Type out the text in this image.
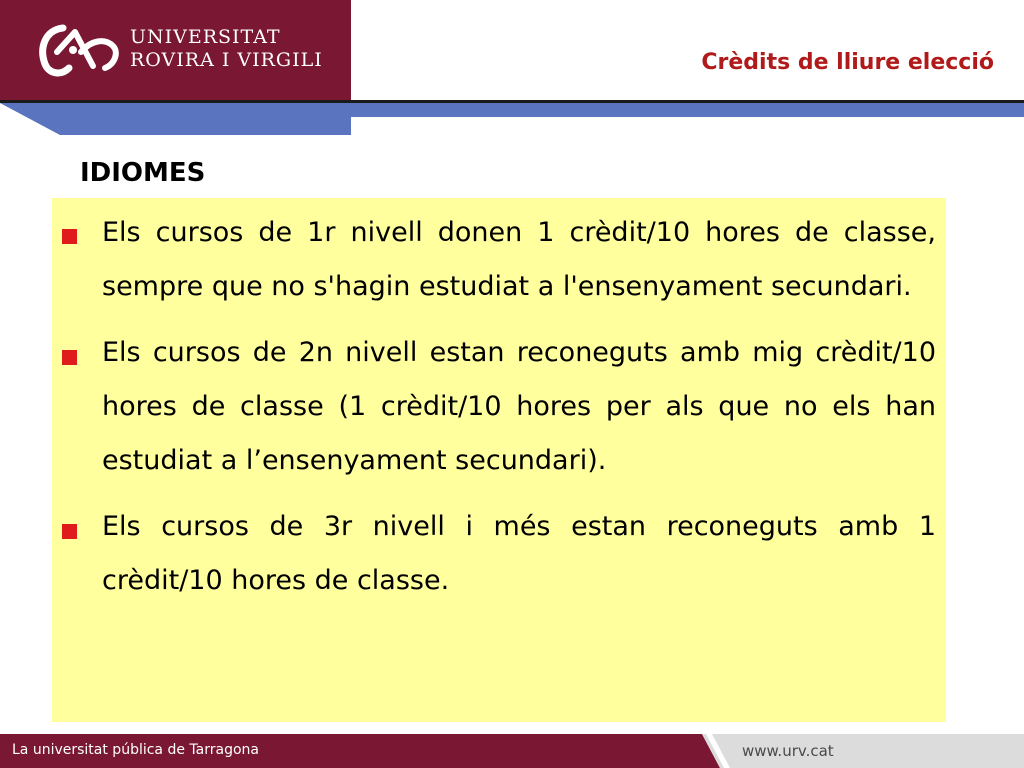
UNIVERSITAT
ROVIRA I VIRGILI	Crèdits de lliure elecció
IDIOMES
Els cursos de 1r nivell donen 1 crèdit/10 hores de classe, sempre que no s'hagin estudiat a l'ensenyament secundari.
Els cursos de 2n nivell estan reconeguts amb mig crèdit/10 hores de classe (1 crèdit/10 hores per als que no els han estudiat a l’ensenyament secundari).
Els cursos de 3r nivell i més estan reconeguts amb 1 crèdit/10 hores de classe.
La universitat pública de Tarragona	www.urv.cat
